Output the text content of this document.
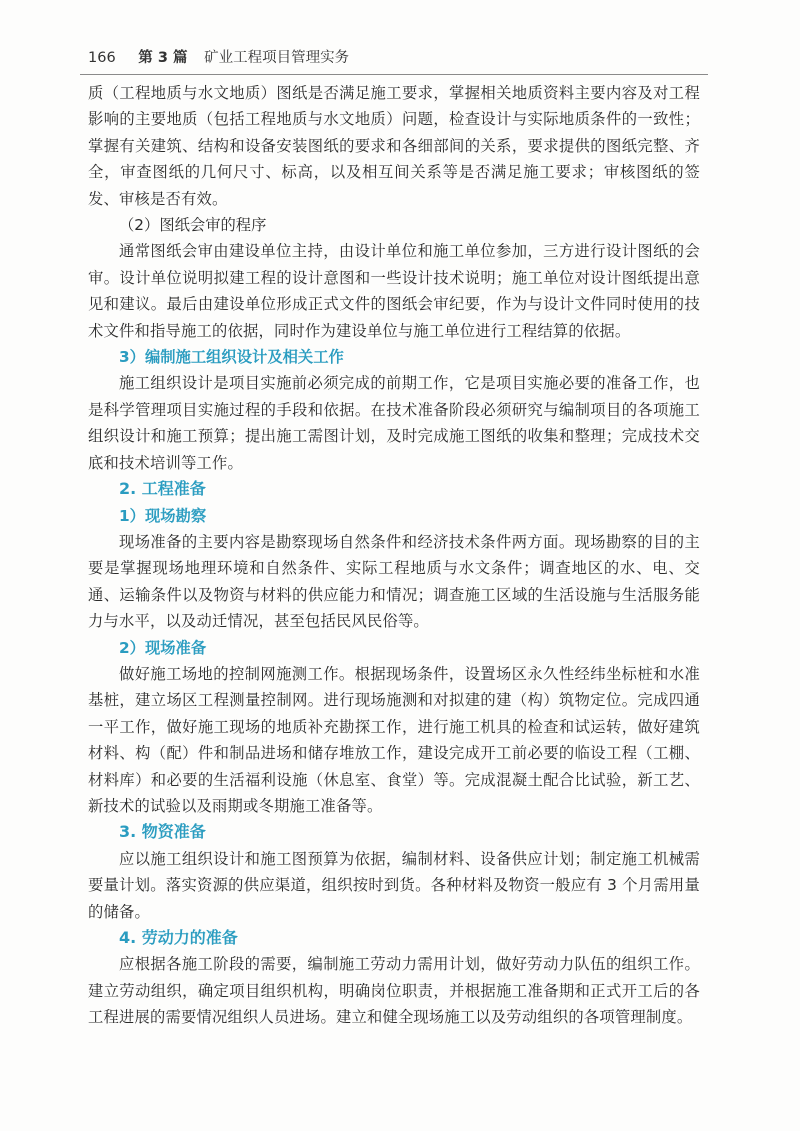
166 第 3 篇 矿业工程项目管理实务

质（工程地质与水文地质）图纸是否满足施工要求，掌握相关地质资料主要内容及对工程影响的主要地质（包括工程地质与水文地质）问题，检查设计与实际地质条件的一致性；掌握有关建筑、结构和设备安装图纸的要求和各细部间的关系，要求提供的图纸完整、齐全，审查图纸的几何尺寸、标高，以及相互间关系等是否满足施工要求；审核图纸的签发、审核是否有效。

（2）图纸会审的程序

通常图纸会审由建设单位主持，由设计单位和施工单位参加，三方进行设计图纸的会审。设计单位说明拟建工程的设计意图和一些设计技术说明；施工单位对设计图纸提出意见和建议。最后由建设单位形成正式文件的图纸会审纪要，作为与设计文件同时使用的技术文件和指导施工的依据，同时作为建设单位与施工单位进行工程结算的依据。

3）编制施工组织设计及相关工作

施工组织设计是项目实施前必须完成的前期工作，它是项目实施必要的准备工作，也是科学管理项目实施过程的手段和依据。在技术准备阶段必须研究与编制项目的各项施工组织设计和施工预算；提出施工需图计划，及时完成施工图纸的收集和整理；完成技术交底和技术培训等工作。

2. 工程准备

1）现场勘察

现场准备的主要内容是勘察现场自然条件和经济技术条件两方面。现场勘察的目的主要是掌握现场地理环境和自然条件、实际工程地质与水文条件；调查地区的水、电、交通、运输条件以及物资与材料的供应能力和情况；调查施工区域的生活设施与生活服务能力与水平，以及动迁情况，甚至包括民风民俗等。

2）现场准备

做好施工场地的控制网施测工作。根据现场条件，设置场区永久性经纬坐标桩和水准基桩，建立场区工程测量控制网。进行现场施测和对拟建的建（构）筑物定位。完成四通一平工作，做好施工现场的地质补充勘探工作，进行施工机具的检查和试运转，做好建筑材料、构（配）件和制品进场和储存堆放工作，建设完成开工前必要的临设工程（工棚、材料库）和必要的生活福利设施（休息室、食堂）等。完成混凝土配合比试验，新工艺、新技术的试验以及雨期或冬期施工准备等。

3. 物资准备

应以施工组织设计和施工图预算为依据，编制材料、设备供应计划；制定施工机械需要量计划。落实资源的供应渠道，组织按时到货。各种材料及物资一般应有 3 个月需用量的储备。

4. 劳动力的准备

应根据各施工阶段的需要，编制施工劳动力需用计划，做好劳动力队伍的组织工作。建立劳动组织，确定项目组织机构，明确岗位职责，并根据施工准备期和正式开工后的各工程进展的需要情况组织人员进场。建立和健全现场施工以及劳动组织的各项管理制度。
